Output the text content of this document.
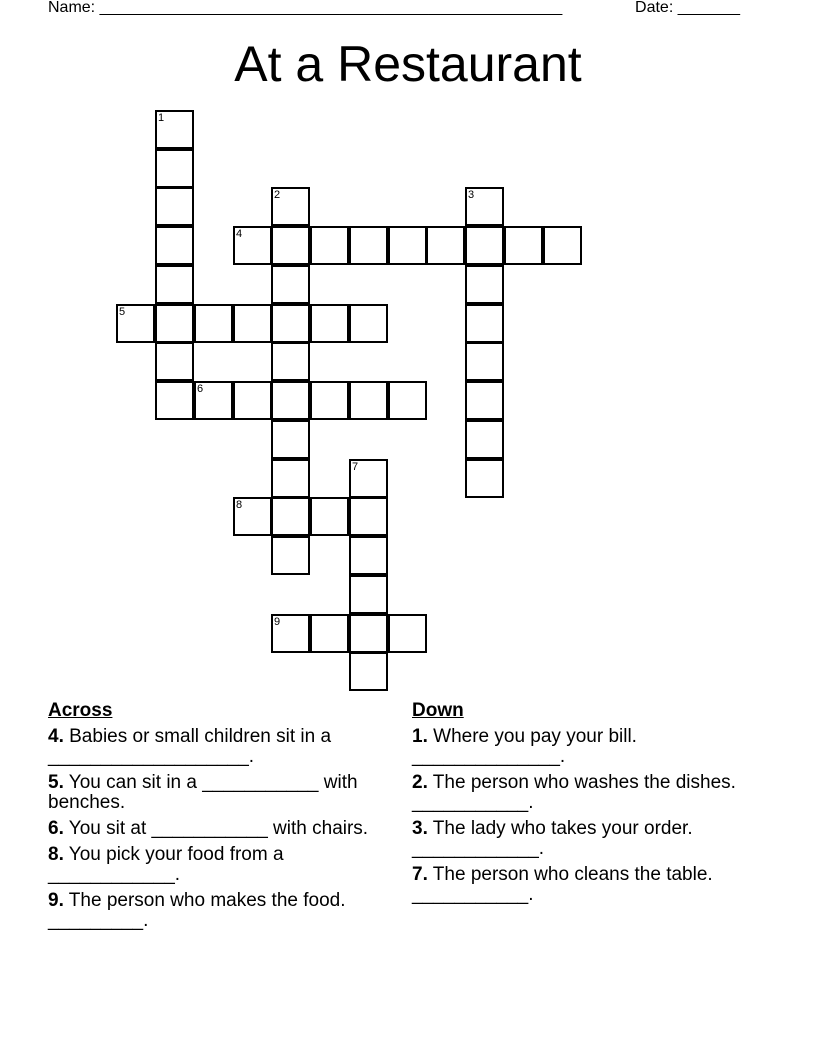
Name: ____________________________________________________	Date: _______
At a Restaurant
1
2	3
4
5
6
7
8
9
Across
4. Babies or small children sit in a ___________________.
5. You can sit in a ___________ with benches.
6. You sit at ___________ with chairs.
8. You pick your food from a ____________.
9. The person who makes the food. _________.
Down
1. Where you pay your bill. ______________.
2. The person who washes the dishes. ___________.
3. The lady who takes your order. ____________.
7. The person who cleans the table. ___________.
